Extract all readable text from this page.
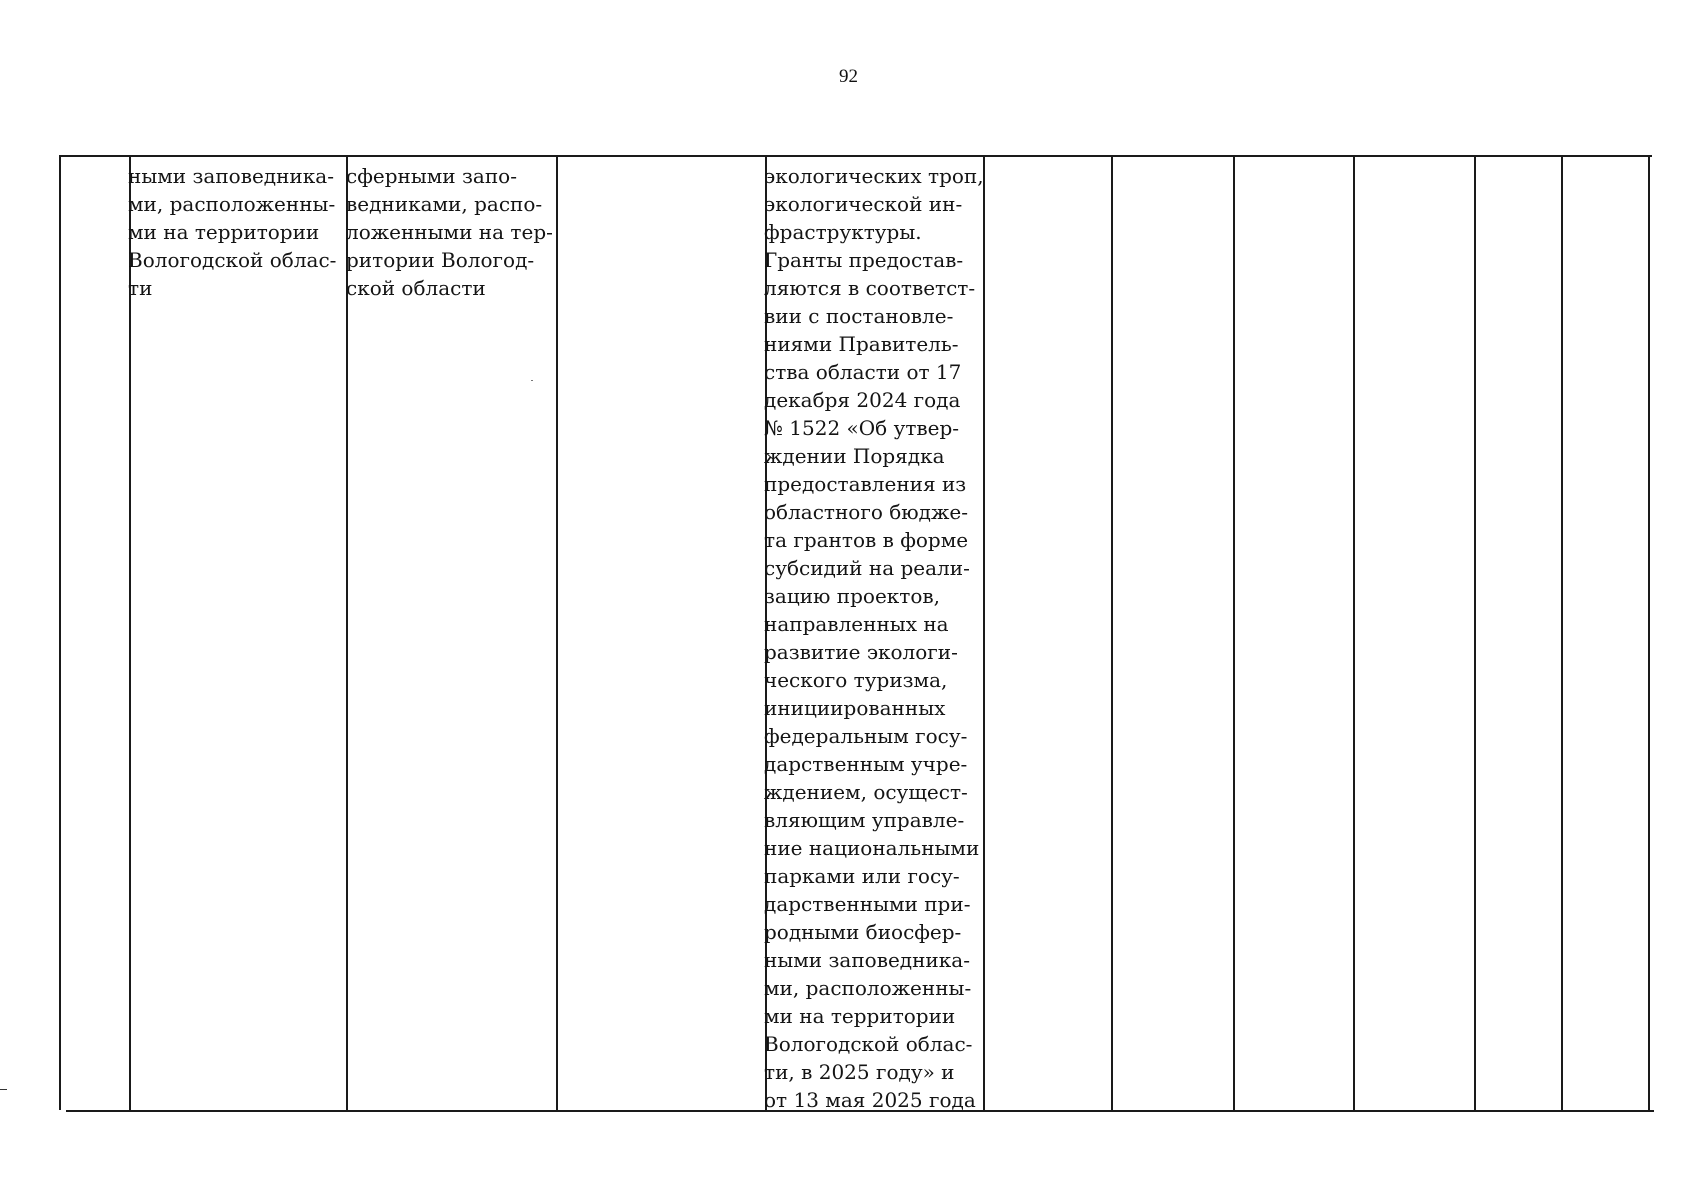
92
ными заповедника-
ми, расположенны-
ми на территории
Вологодской облас-
ти
сферными запо-
ведниками, распо-
ложенными на тер-
ритории Вологод-
ской области
экологических троп,
экологической ин-
фраструктуры.
Гранты предостав-
ляются в соответст-
вии с постановле-
ниями Правитель-
ства области от 17
декабря 2024 года
№ 1522 «Об утвер-
ждении Порядка
предоставления из
областного бюдже-
та грантов в форме
субсидий на реали-
зацию проектов,
направленных на
развитие экологи-
ческого туризма,
инициированных
федеральным госу-
дарственным учре-
ждением, осущест-
вляющим управле-
ние национальными
парками или госу-
дарственными при-
родными биосфер-
ными заповедника-
ми, расположенны-
ми на территории
Вологодской облас-
ти, в 2025 году» и
от 13 мая 2025 года
